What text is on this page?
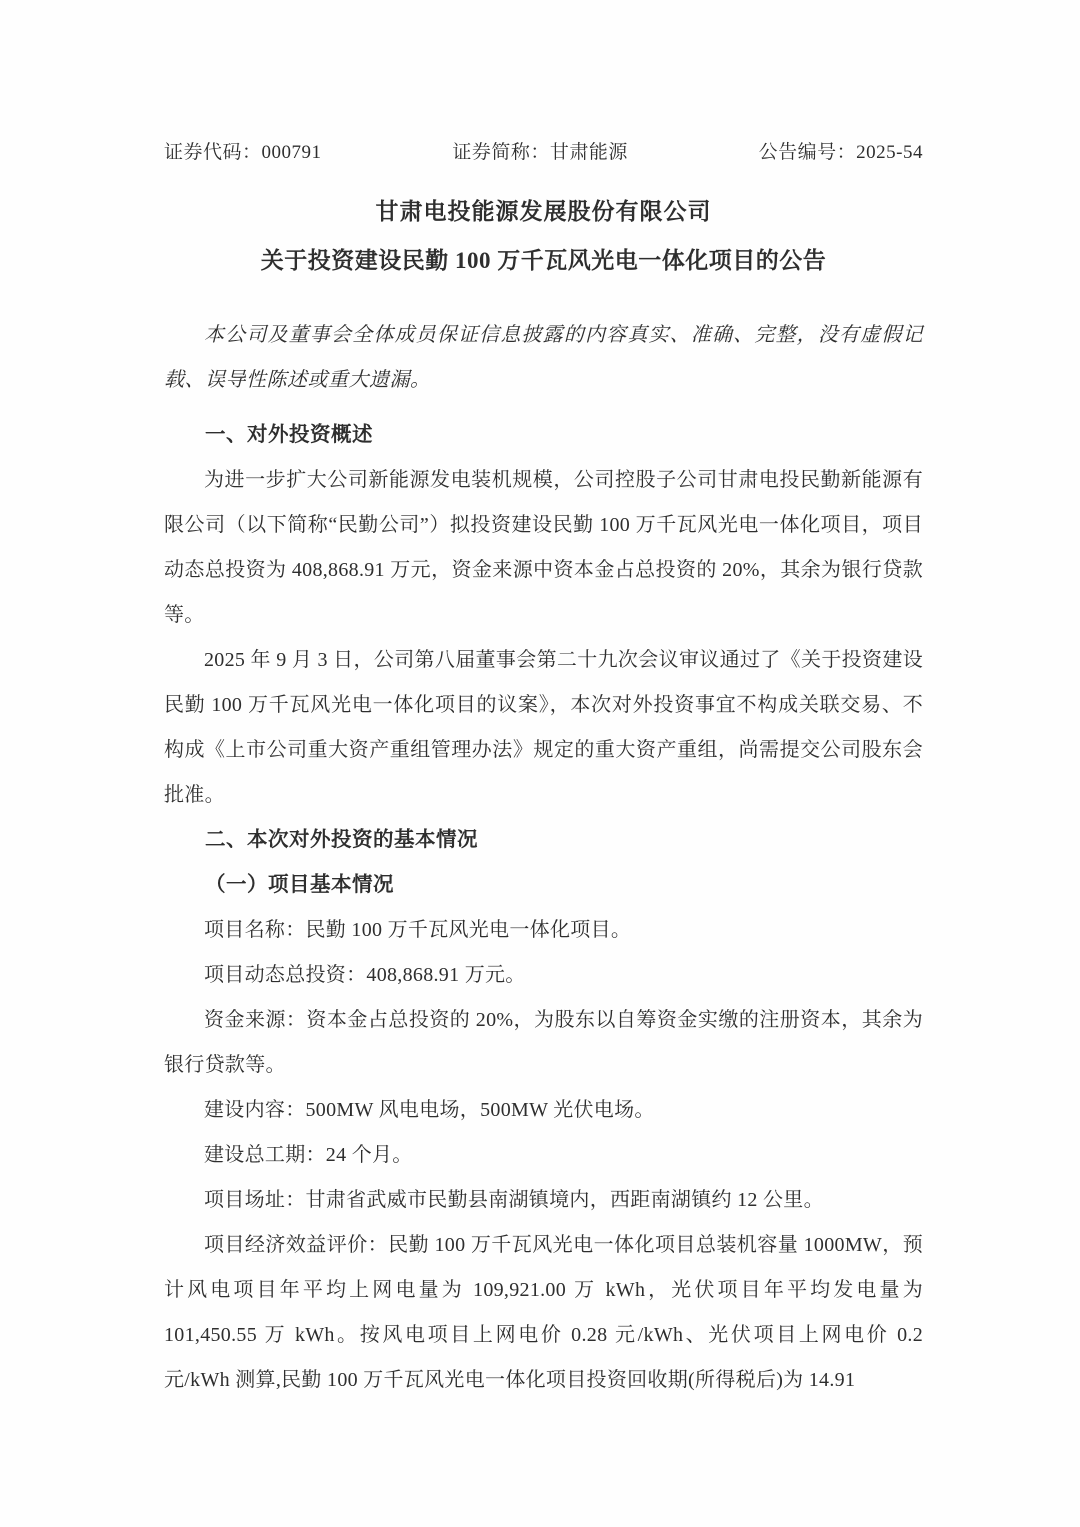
证券代码：000791	证券简称：甘肃能源	公告编号：2025-54
甘肃电投能源发展股份有限公司
关于投资建设民勤 100 万千瓦风光电一体化项目的公告

本公司及董事会全体成员保证信息披露的内容真实、准确、完整，没有虚假记载、误导性陈述或重大遗漏。

一、对外投资概述

为进一步扩大公司新能源发电装机规模，公司控股子公司甘肃电投民勤新能源有限公司（以下简称“民勤公司”）拟投资建设民勤 100 万千瓦风光电一体化项目，项目动态总投资为 408,868.91 万元，资金来源中资本金占总投资的 20%，其余为银行贷款等。

2025 年 9 月 3 日，公司第八届董事会第二十九次会议审议通过了《关于投资建设民勤 100 万千瓦风光电一体化项目的议案》，本次对外投资事宜不构成关联交易、不构成《上市公司重大资产重组管理办法》规定的重大资产重组，尚需提交公司股东会批准。

二、本次对外投资的基本情况
（一）项目基本情况

项目名称：民勤 100 万千瓦风光电一体化项目。

项目动态总投资：408,868.91 万元。

资金来源：资本金占总投资的 20%，为股东以自筹资金实缴的注册资本，其余为银行贷款等。

建设内容：500MW 风电电场，500MW 光伏电场。

建设总工期：24 个月。

项目场址：甘肃省武威市民勤县南湖镇境内，西距南湖镇约 12 公里。

项目经济效益评价：民勤 100 万千瓦风光电一体化项目总装机容量 1000MW，预计风电项目年平均上网电量为 109,921.00 万 kWh，光伏项目年平均发电量为 101,450.55 万 kWh。按风电项目上网电价 0.28 元/kWh、光伏项目上网电价 0.2 元/kWh 测算,民勤 100 万千瓦风光电一体化项目投资回收期(所得税后)为 14.91
